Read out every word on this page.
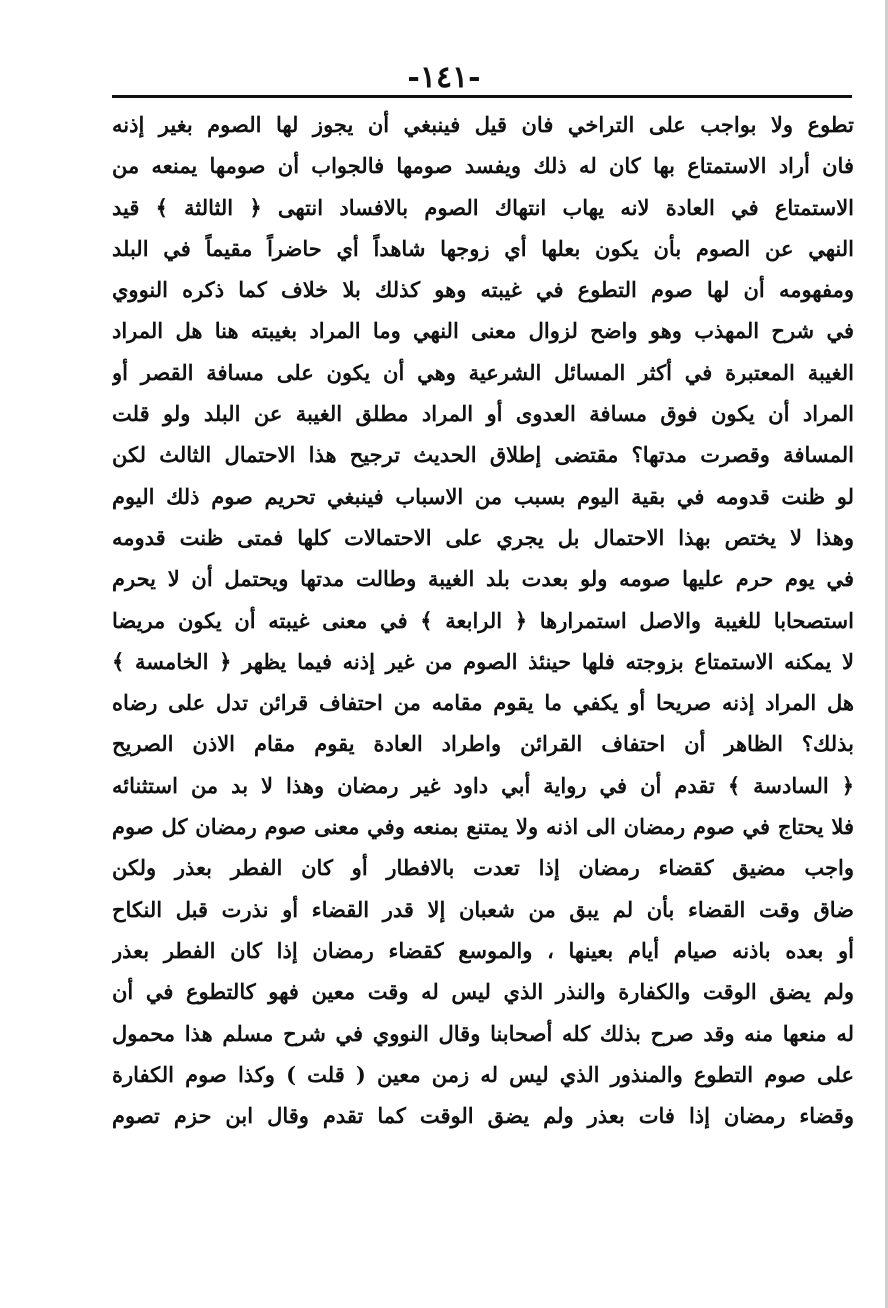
-١٤١-
تطوع ولا بواجب على التراخي فان قيل فينبغي أن يجوز لها الصوم بغير إذنه
فان أراد الاستمتاع بها كان له ذلك ويفسد صومها فالجواب أن صومها يمنعه من
الاستمتاع في العادة لانه يهاب انتهاك الصوم بالافساد انتهى ﴿ الثالثة ﴾ قيد
النهي عن الصوم بأن يكون بعلها أي زوجها شاهداً أي حاضراً مقيماً في البلد
ومفهومه أن لها صوم التطوع في غيبته وهو كذلك بلا خلاف كما ذكره النووي
في شرح المهذب وهو واضح لزوال معنى النهي وما المراد بغيبته هنا هل المراد
الغيبة المعتبرة في أكثر المسائل الشرعية وهي أن يكون على مسافة القصر أو
المراد أن يكون فوق مسافة العدوى أو المراد مطلق الغيبة عن البلد ولو قلت
المسافة وقصرت مدتها؟ مقتضى إطلاق الحديث ترجيح هذا الاحتمال الثالث لكن
لو ظنت قدومه في بقية اليوم بسبب من الاسباب فينبغي تحريم صوم ذلك اليوم
وهذا لا يختص بهذا الاحتمال بل يجري على الاحتمالات كلها فمتى ظنت قدومه
في يوم حرم عليها صومه ولو بعدت بلد الغيبة وطالت مدتها ويحتمل أن لا يحرم
استصحابا للغيبة والاصل استمرارها ﴿ الرابعة ﴾ في معنى غيبته أن يكون مريضا
لا يمكنه الاستمتاع بزوجته فلها حينئذ الصوم من غير إذنه فيما يظهر ﴿ الخامسة ﴾
هل المراد إذنه صريحا أو يكفي ما يقوم مقامه من احتفاف قرائن تدل على رضاه
بذلك؟ الظاهر أن احتفاف القرائن واطراد العادة يقوم مقام الاذن الصريح
﴿ السادسة ﴾ تقدم أن في رواية أبي داود غير رمضان وهذا لا بد من استثنائه
فلا يحتاج في صوم رمضان الى اذنه ولا يمتنع بمنعه وفي معنى صوم رمضان كل صوم
واجب مضيق كقضاء رمضان إذا تعدت بالافطار أو كان الفطر بعذر ولكن
ضاق وقت القضاء بأن لم يبق من شعبان إلا قدر القضاء أو نذرت قبل النكاح
أو بعده باذنه صيام أيام بعينها ، والموسع كقضاء رمضان إذا كان الفطر بعذر
ولم يضق الوقت والكفارة والنذر الذي ليس له وقت معين فهو كالتطوع في أن
له منعها منه وقد صرح بذلك كله أصحابنا وقال النووي في شرح مسلم هذا محمول
على صوم التطوع والمنذور الذي ليس له زمن معين ( قلت ) وكذا صوم الكفارة
وقضاء رمضان إذا فات بعذر ولم يضق الوقت كما تقدم وقال ابن حزم تصوم
